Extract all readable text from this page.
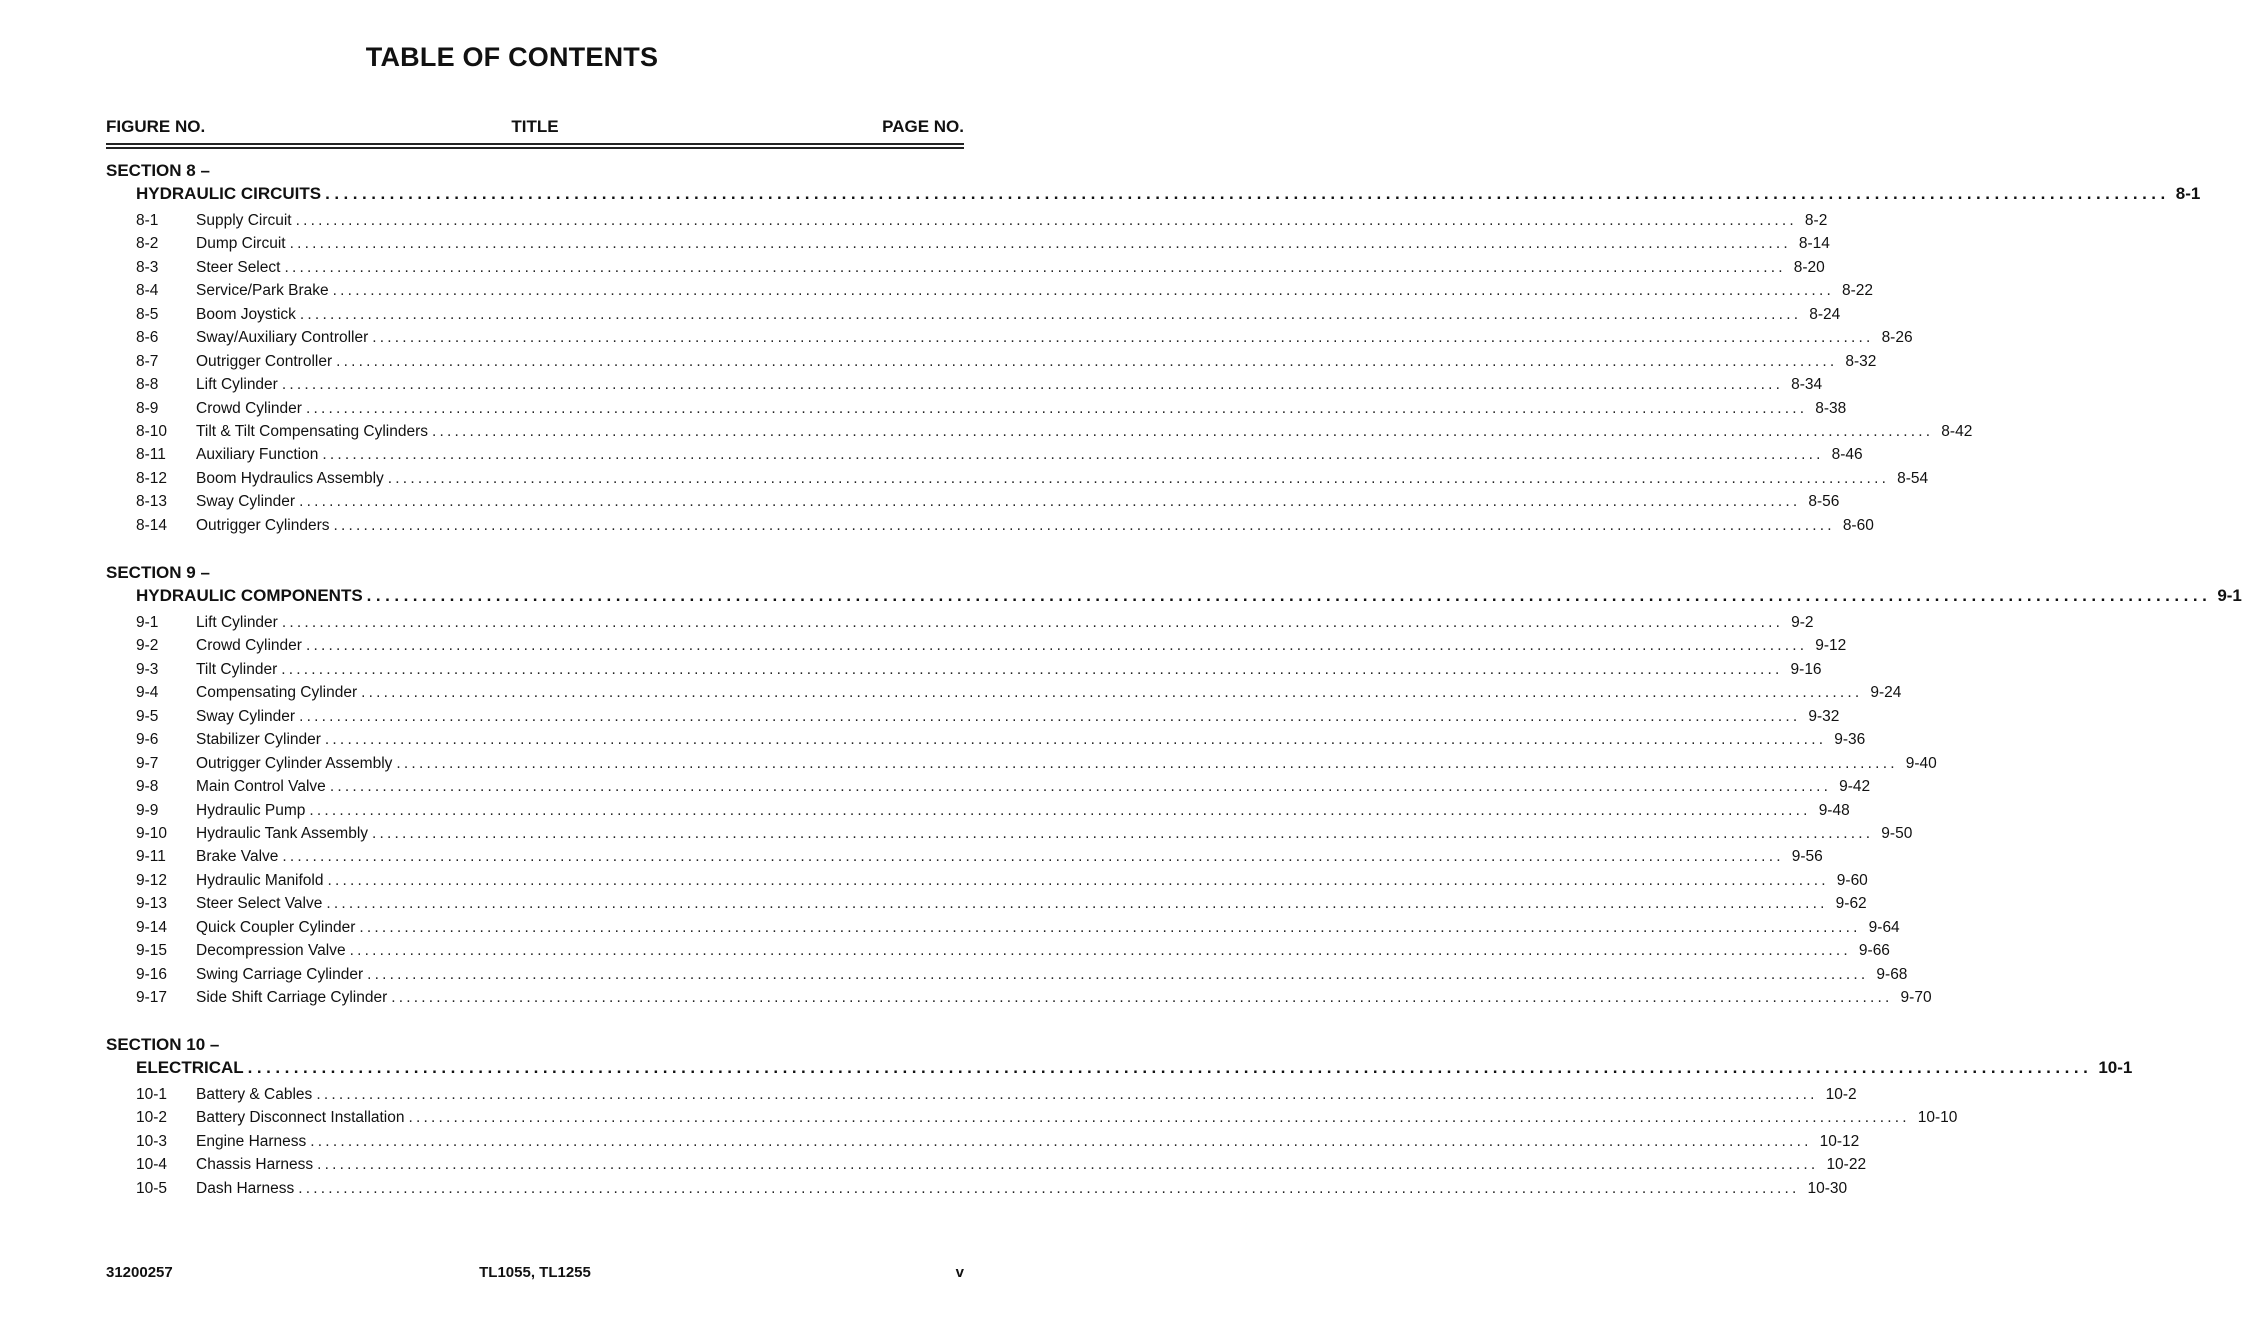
TABLE OF CONTENTS
FIGURE NO.	TITLE	PAGE NO.
SECTION 8 –
HYDRAULIC CIRCUITS ........................................................................................................................................................................................................ 8-1
8-1	Supply Circuit ........................................................................................................................................................................................................ 8-2
8-2	Dump Circuit ........................................................................................................................................................................................................ 8-14
8-3	Steer Select ........................................................................................................................................................................................................ 8-20
8-4	Service/Park Brake ........................................................................................................................................................................................................ 8-22
8-5	Boom Joystick ........................................................................................................................................................................................................ 8-24
8-6	Sway/Auxiliary Controller ........................................................................................................................................................................................................ 8-26
8-7	Outrigger Controller ........................................................................................................................................................................................................ 8-32
8-8	Lift Cylinder ........................................................................................................................................................................................................ 8-34
8-9	Crowd Cylinder ........................................................................................................................................................................................................ 8-38
8-10	Tilt & Tilt Compensating Cylinders ........................................................................................................................................................................................................ 8-42
8-11	Auxiliary Function ........................................................................................................................................................................................................ 8-46
8-12	Boom Hydraulics Assembly ........................................................................................................................................................................................................ 8-54
8-13	Sway Cylinder ........................................................................................................................................................................................................ 8-56
8-14	Outrigger Cylinders ........................................................................................................................................................................................................ 8-60
SECTION 9 –
HYDRAULIC COMPONENTS ........................................................................................................................................................................................................ 9-1
9-1	Lift Cylinder ........................................................................................................................................................................................................ 9-2
9-2	Crowd Cylinder ........................................................................................................................................................................................................ 9-12
9-3	Tilt Cylinder ........................................................................................................................................................................................................ 9-16
9-4	Compensating Cylinder ........................................................................................................................................................................................................ 9-24
9-5	Sway Cylinder ........................................................................................................................................................................................................ 9-32
9-6	Stabilizer Cylinder ........................................................................................................................................................................................................ 9-36
9-7	Outrigger Cylinder Assembly ........................................................................................................................................................................................................ 9-40
9-8	Main Control Valve ........................................................................................................................................................................................................ 9-42
9-9	Hydraulic Pump ........................................................................................................................................................................................................ 9-48
9-10	Hydraulic Tank Assembly ........................................................................................................................................................................................................ 9-50
9-11	Brake Valve ........................................................................................................................................................................................................ 9-56
9-12	Hydraulic Manifold ........................................................................................................................................................................................................ 9-60
9-13	Steer Select Valve ........................................................................................................................................................................................................ 9-62
9-14	Quick Coupler Cylinder ........................................................................................................................................................................................................ 9-64
9-15	Decompression Valve ........................................................................................................................................................................................................ 9-66
9-16	Swing Carriage Cylinder ........................................................................................................................................................................................................ 9-68
9-17	Side Shift Carriage Cylinder ........................................................................................................................................................................................................ 9-70
SECTION 10 –
ELECTRICAL ........................................................................................................................................................................................................ 10-1
10-1	Battery & Cables ........................................................................................................................................................................................................ 10-2
10-2	Battery Disconnect Installation ........................................................................................................................................................................................................ 10-10
10-3	Engine Harness ........................................................................................................................................................................................................ 10-12
10-4	Chassis Harness ........................................................................................................................................................................................................ 10-22
10-5	Dash Harness ........................................................................................................................................................................................................ 10-30
31200257	TL1055, TL1255	v
